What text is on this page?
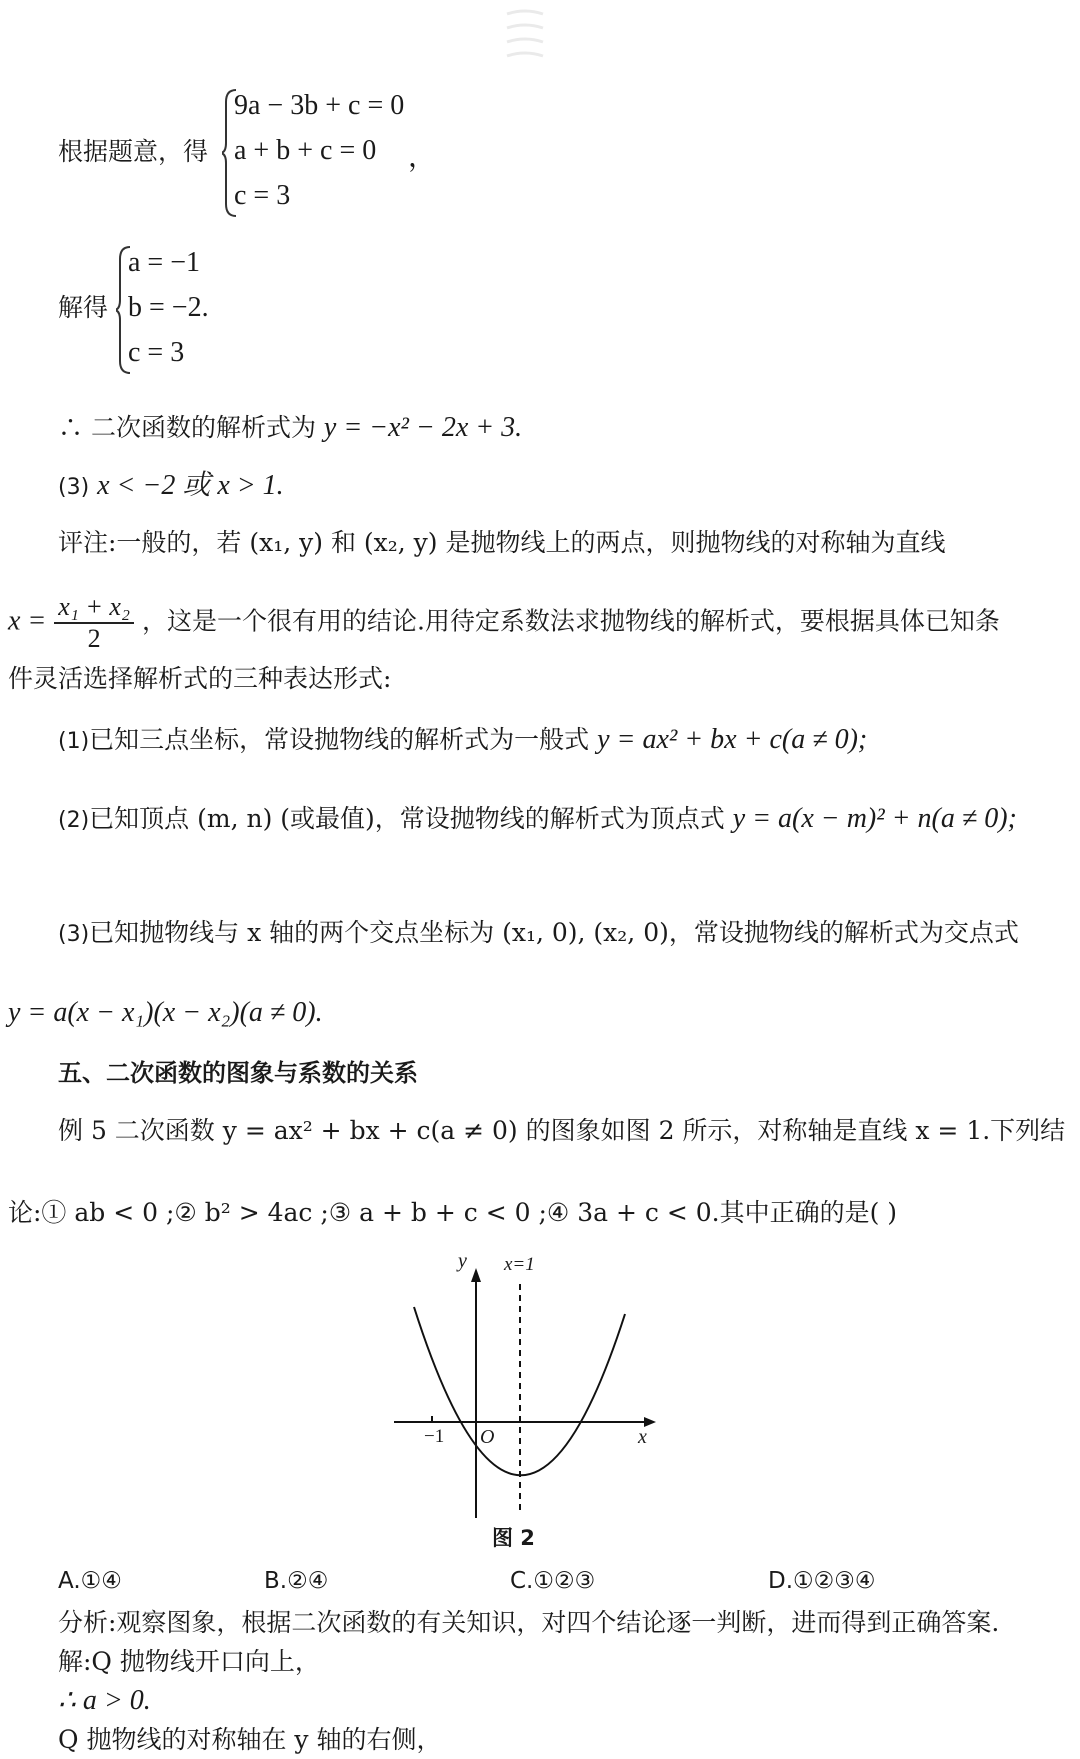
根据题意，得
9a − 3b + c = 0
a + b + c = 0
c = 3
，
解得
a = −1
b = −2.
c = 3
∴ 二次函数的解析式为 y = −x² − 2x + 3.
(3) x < −2 或 x > 1.
评注:一般的，若 (x₁, y) 和 (x₂, y) 是抛物线上的两点，则抛物线的对称轴为直线
$x = \frac{\text{x₁ + x₂}}{2}$ ，这是一个很有用的结论.用待定系数法求抛物线的解析式，要根据具体已知条
件灵活选择解析式的三种表达形式:
(1)已知三点坐标，常设抛物线的解析式为一般式 y = ax² + bx + c(a ≠ 0);
(2)已知顶点 (m, n) (或最值)，常设抛物线的解析式为顶点式 y = a(x − m)² + n(a ≠ 0);
(3)已知抛物线与 x 轴的两个交点坐标为 (x₁, 0), (x₂, 0)，常设抛物线的解析式为交点式
y = a(x − x₁)(x − x₂)(a ≠ 0).
五、二次函数的图象与系数的关系
例 5 二次函数 y = ax² + bx + c(a ≠ 0) 的图象如图 2 所示，对称轴是直线 x = 1.下列结
论:① ab < 0 ;② b² > 4ac ;③ a + b + c < 0 ;④ 3a + c < 0.其中正确的是( )
y x=1
−1 O	x
图 2
A.①④	B.②④	C.①②③	D.①②③④
分析:观察图象，根据二次函数的有关知识，对四个结论逐一判断，进而得到正确答案.
解:Q 抛物线开口向上，
∴ a > 0.
Q 抛物线的对称轴在 y 轴的右侧，
